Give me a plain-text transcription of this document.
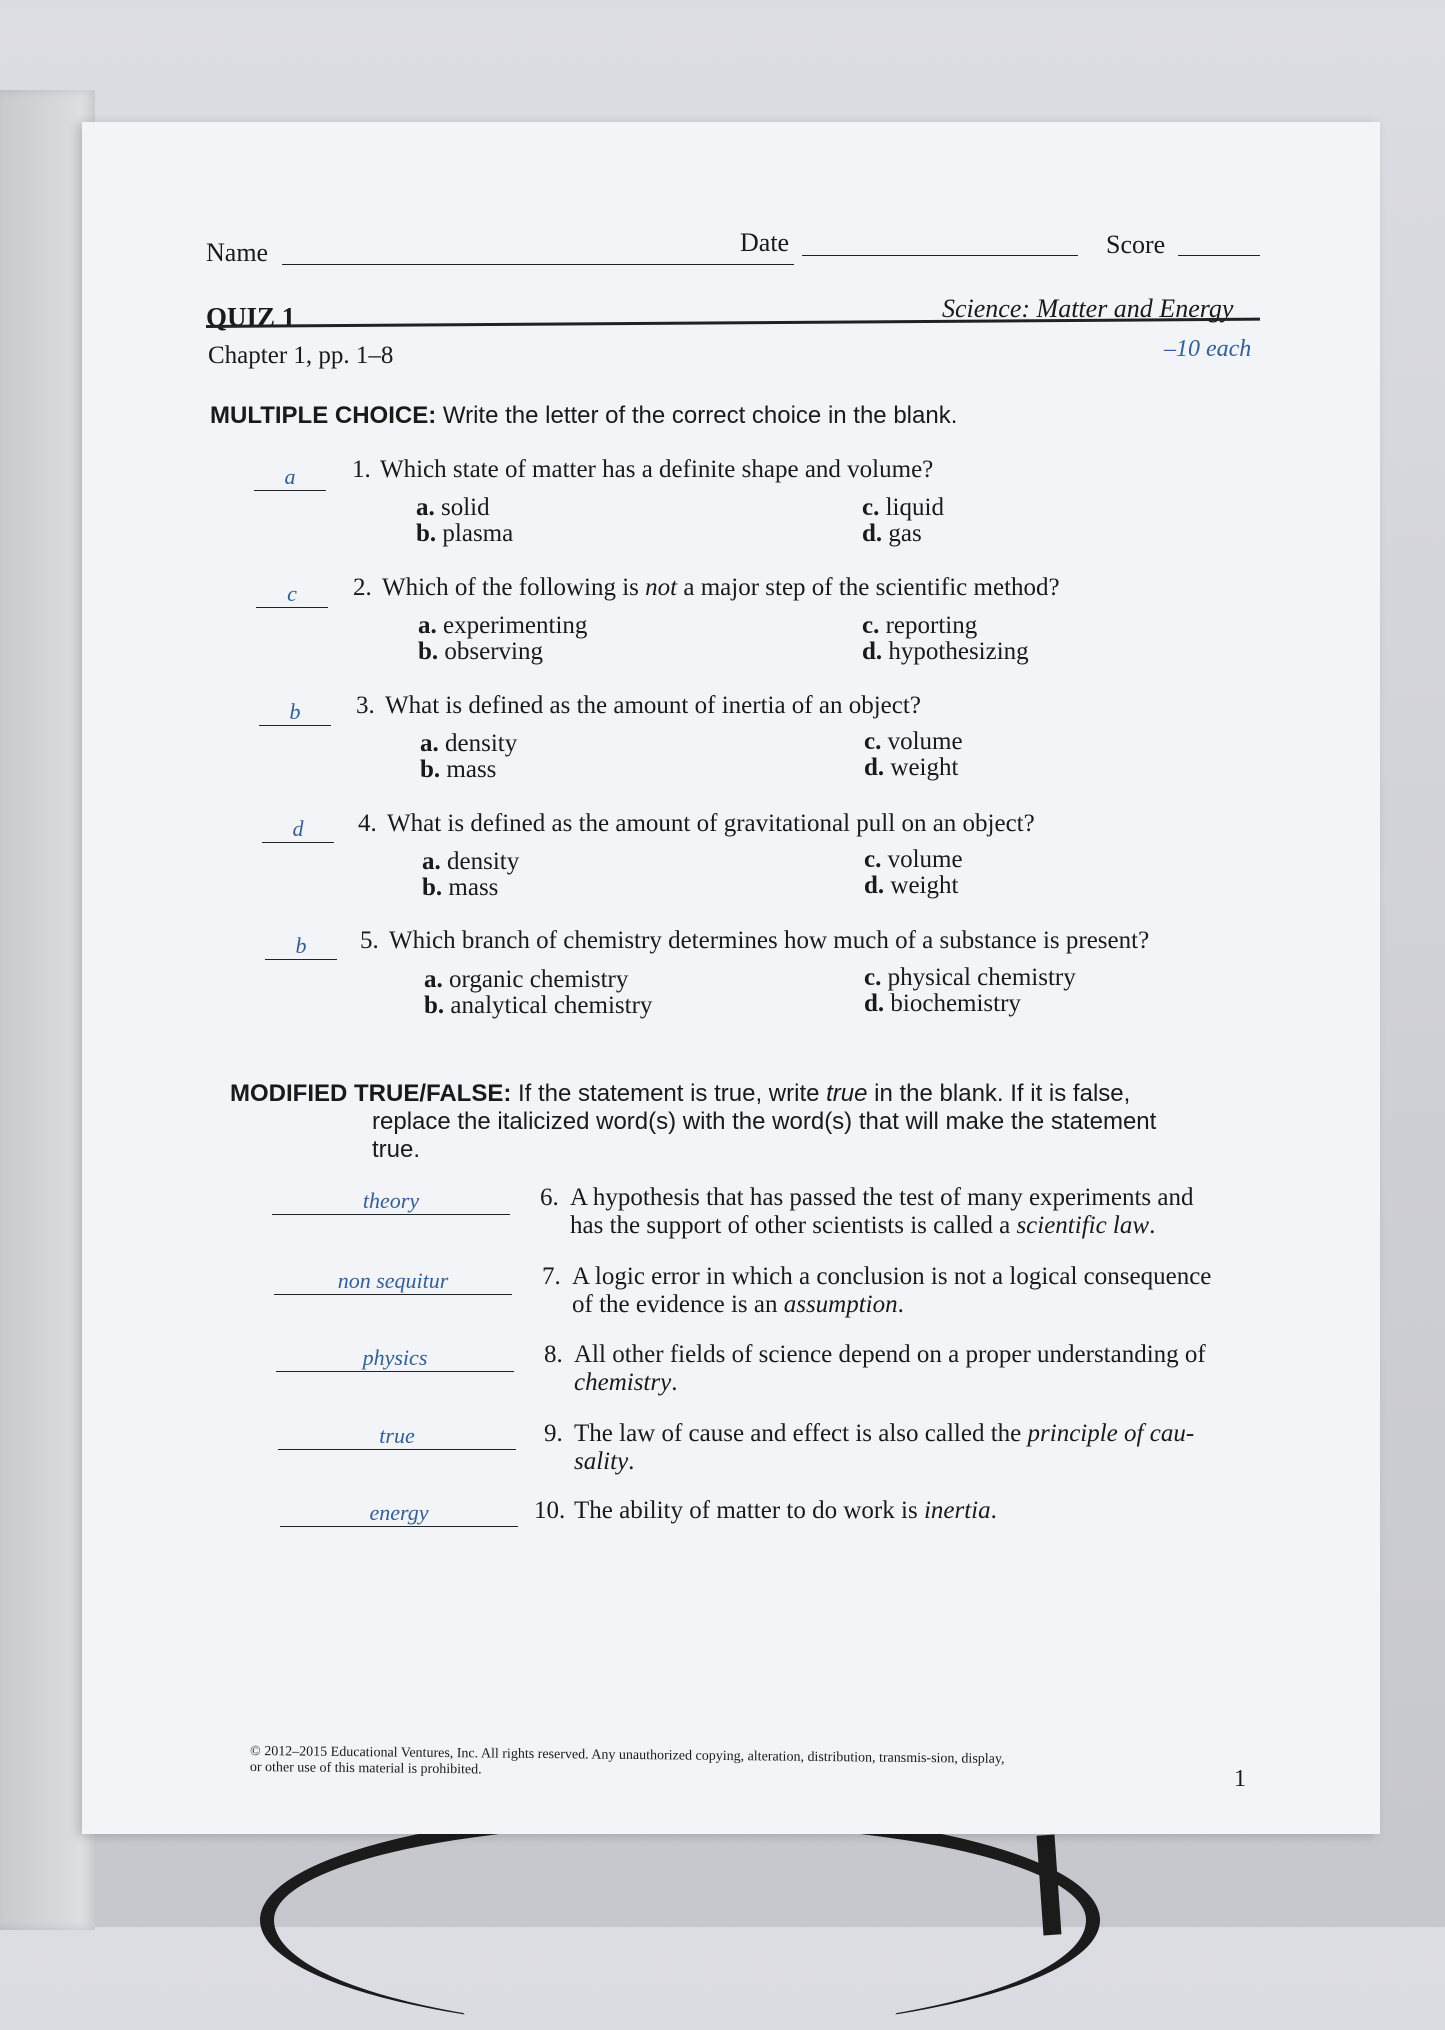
Name	Date	Score
QUIZ 1	Science: Matter and Energy
Chapter 1, pp. 1–8	–10 each
MULTIPLE CHOICE: Write the letter of the correct choice in the blank.
a	1. Which state of matter has a definite shape and volume?
a. solid
b. plasma
c. liquid
d. gas
c	2. Which of the following is not a major step of the scientific method?
a. experimenting
b. observing
c. reporting
d. hypothesizing
b	3. What is defined as the amount of inertia of an object?
a. density
b. mass
c. volume
d. weight
d	4. What is defined as the amount of gravitational pull on an object?
a. density
b. mass
c. volume
d. weight
b	5. Which branch of chemistry determines how much of a substance is present?
a. organic chemistry
b. analytical chemistry
c. physical chemistry
d. biochemistry
MODIFIED TRUE/FALSE: If the statement is true, write true in the blank. If it is false,
replace the italicized word(s) with the word(s) that will make the statement
true.
theory	6. A hypothesis that has passed the test of many experiments and
has the support of other scientists is called a scientific law.
non sequitur	7. A logic error in which a conclusion is not a logical consequence
of the evidence is an assumption.
physics	8. All other fields of science depend on a proper understanding of
chemistry.
true	9. The law of cause and effect is also called the principle of cau-
sality.
energy	10. The ability of matter to do work is inertia.
© 2012–2015 Educational Ventures, Inc. All rights reserved. Any unauthorized copying, alteration, distribution, transmis-sion, display, or other use of this material is prohibited.	1
